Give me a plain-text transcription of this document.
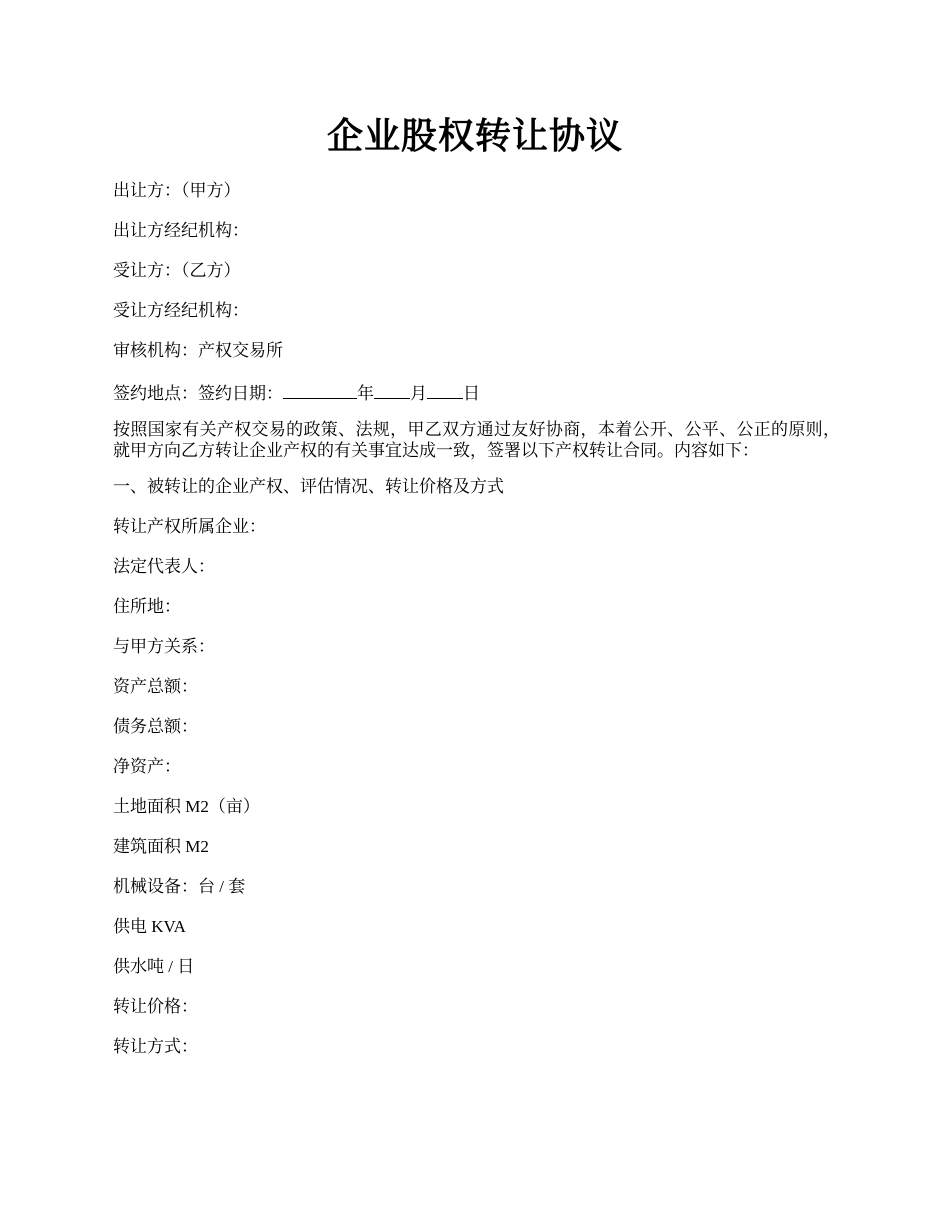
企业股权转让协议

出让方：（甲方）

出让方经纪机构：

受让方：（乙方）

受让方经纪机构：

审核机构：产权交易所

签约地点：签约日期：	年 月 日

按照国家有关产权交易的政策、法规，甲乙双方通过友好协商，本着公开、公平、公正的原则，就甲方向乙方转让企业产权的有关事宜达成一致，签署以下产权转让合同。内容如下：

一、被转让的企业产权、评估情况、转让价格及方式

转让产权所属企业：

法定代表人：

住所地：

与甲方关系：

资产总额：

债务总额：

净资产：

土地面积 M2（亩）

建筑面积 M2

机械设备：台 / 套

供电 KVA

供水吨 / 日

转让价格：

转让方式：
